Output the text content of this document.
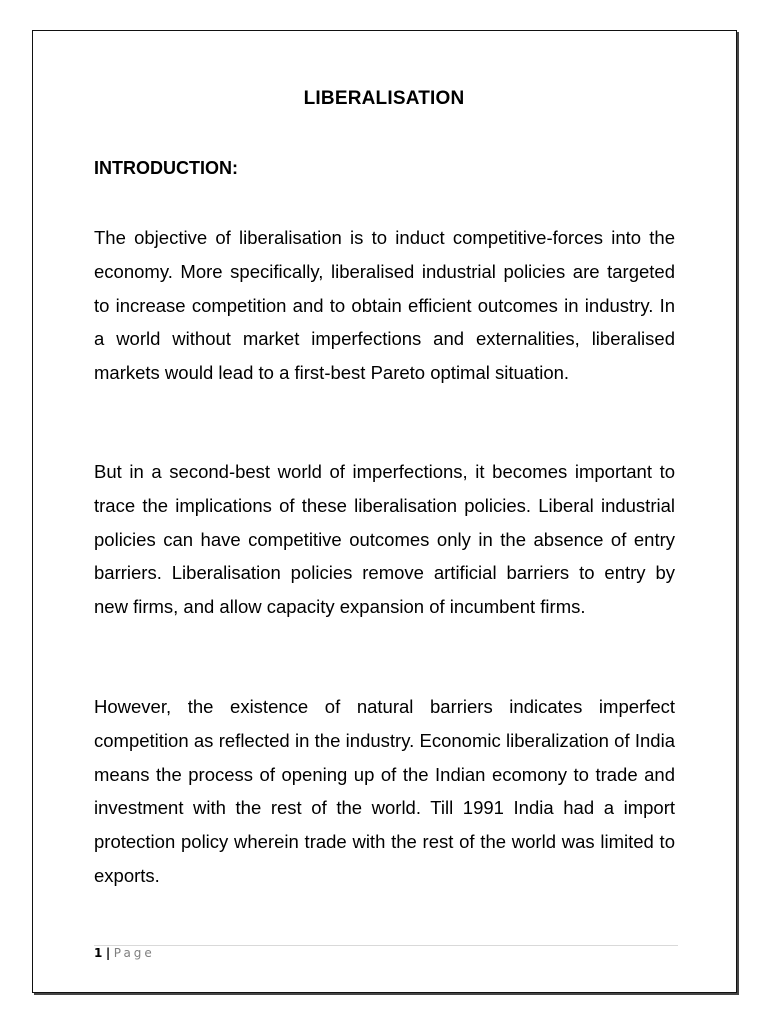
LIBERALISATION
INTRODUCTION:

The objective of liberalisation is to induct competitive-forces into the economy. More specifically, liberalised industrial policies are targeted to increase competition and to obtain efficient outcomes in industry. In a world without market imperfections and externalities, liberalised markets would lead to a first-best Pareto optimal situation.

But in a second-best world of imperfections, it becomes important to trace the implications of these liberalisation policies. Liberal industrial policies can have competitive outcomes only in the absence of entry barriers. Liberalisation policies remove artificial barriers to entry by new firms, and allow capacity expansion of incumbent firms.

However, the existence of natural barriers indicates imperfect competition as reflected in the industry. Economic liberalization of India means the process of opening up of the Indian ecomony to trade and investment with the rest of the world. Till 1991 India had a import protection policy wherein trade with the rest of the world was limited to exports.

1 | Page
